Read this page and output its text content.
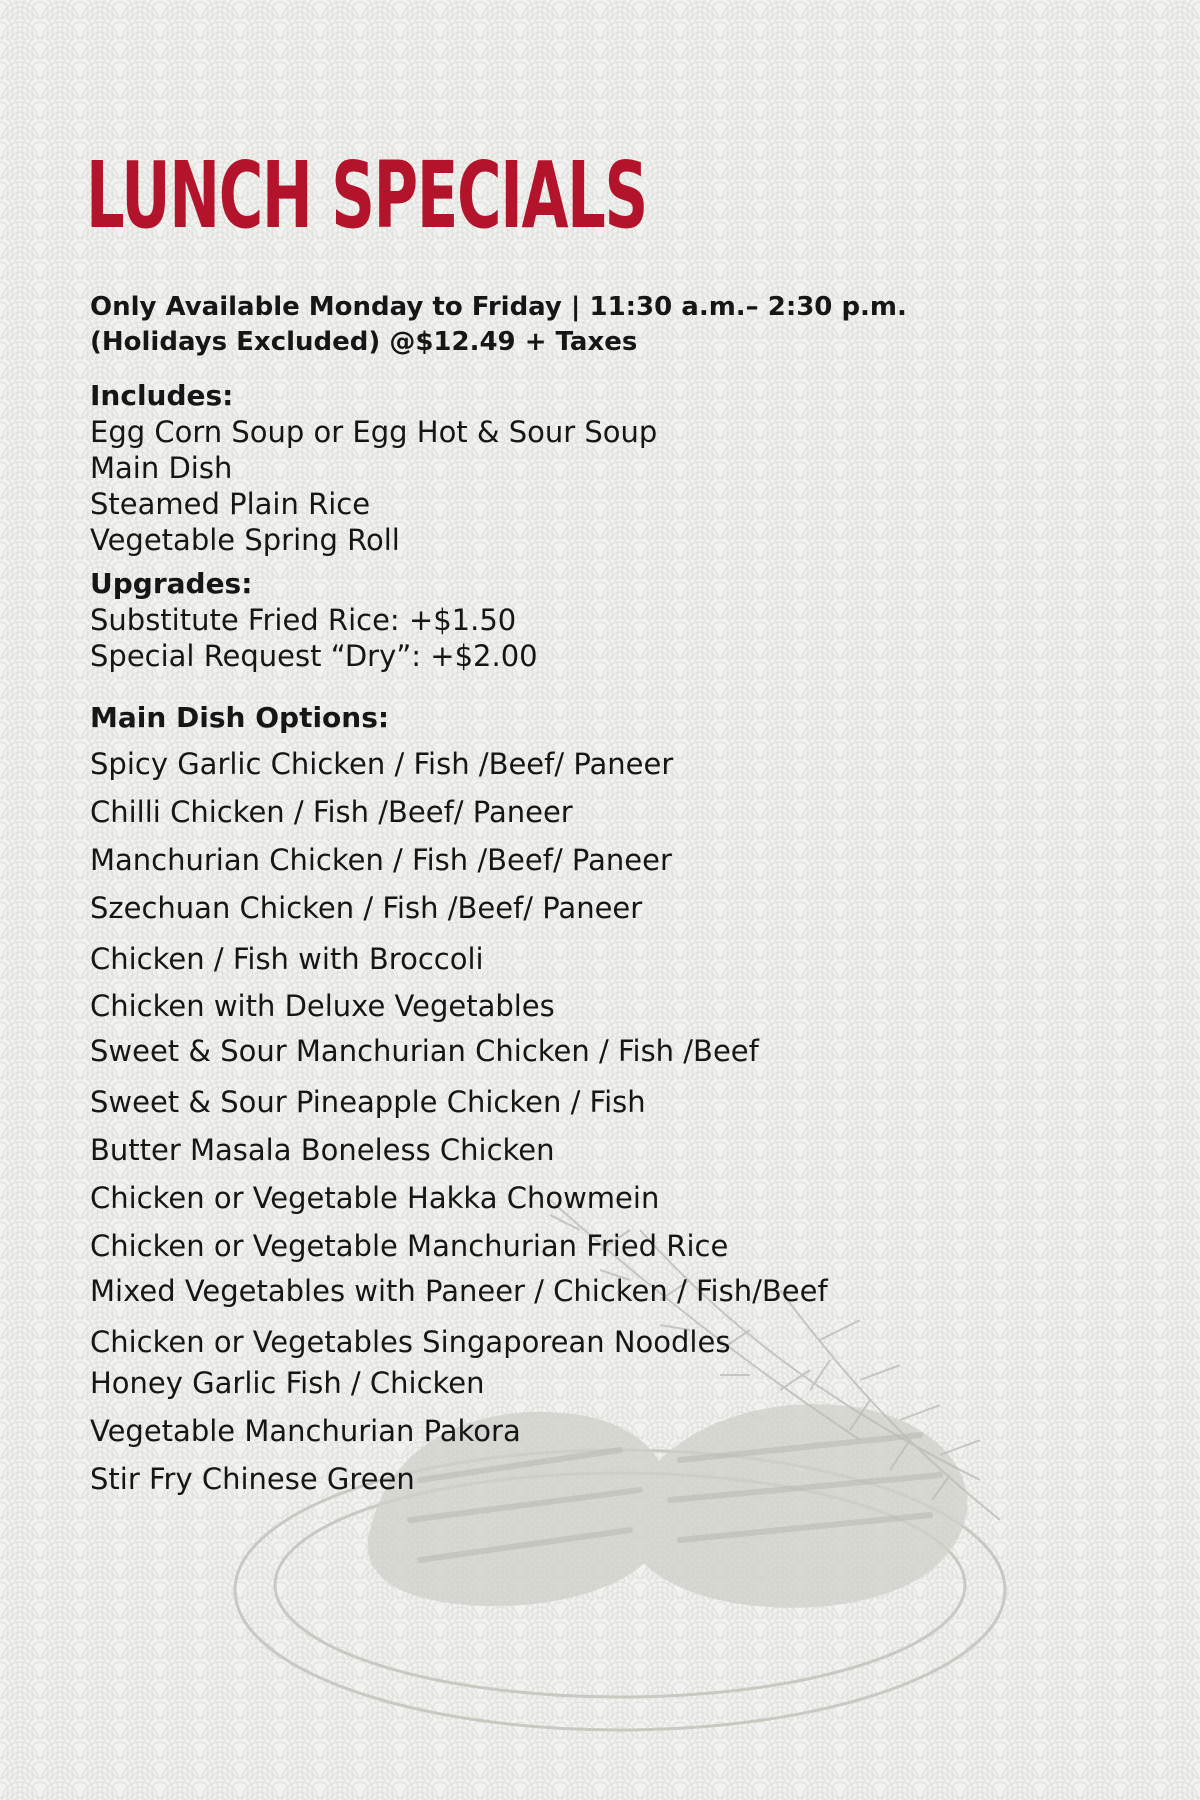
LUNCH SPECIALS
Only Available Monday to Friday | 11:30 a.m.– 2:30 p.m.
(Holidays Excluded) @$12.49 + Taxes
Includes:
Egg Corn Soup or Egg Hot & Sour Soup
Main Dish
Steamed Plain Rice
Vegetable Spring Roll
Upgrades:
Substitute Fried Rice: +$1.50
Special Request “Dry”: +$2.00
Main Dish Options:
Spicy Garlic Chicken / Fish /Beef/ Paneer
Chilli Chicken / Fish /Beef/ Paneer
Manchurian Chicken / Fish /Beef/ Paneer
Szechuan Chicken / Fish /Beef/ Paneer
Chicken / Fish with Broccoli
Chicken with Deluxe Vegetables
Sweet & Sour Manchurian Chicken / Fish /Beef
Sweet & Sour Pineapple Chicken / Fish
Butter Masala Boneless Chicken
Chicken or Vegetable Hakka Chowmein
Chicken or Vegetable Manchurian Fried Rice
Mixed Vegetables with Paneer / Chicken / Fish/Beef
Chicken or Vegetables Singaporean Noodles
Honey Garlic Fish / Chicken
Vegetable Manchurian Pakora
Stir Fry Chinese Green
